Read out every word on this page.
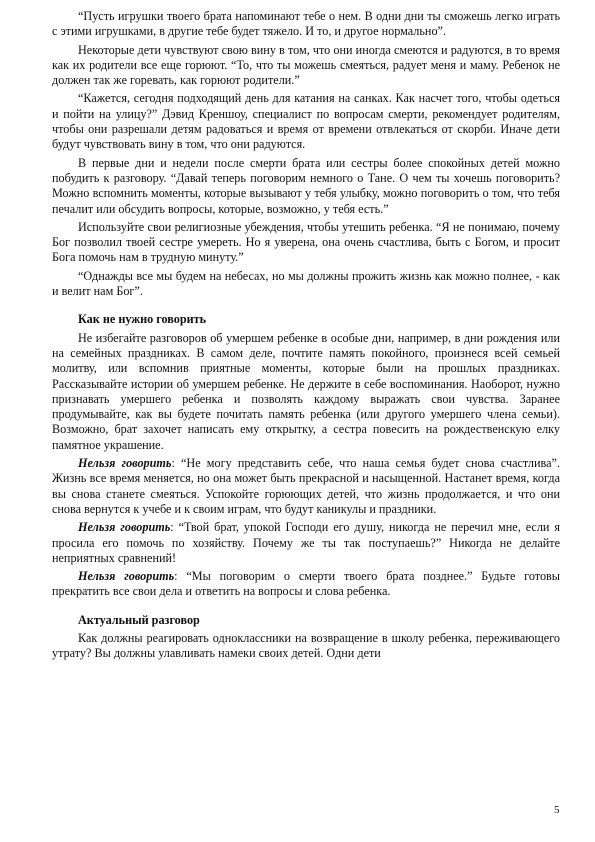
“Пусть игрушки твоего брата напоминают тебе о нем. В одни дни ты сможешь легко играть с этими игрушками, в другие тебе будет тяжело. И то, и другое нормально”.

Некоторые дети чувствуют свою вину в том, что они иногда смеются и радуются, в то время как их родители все еще горюют. “То, что ты можешь смеяться, радует меня и маму. Ребенок не должен так же горевать, как горюют родители.”

“Кажется, сегодня подходящий день для катания на санках. Как насчет того, чтобы одеться и пойти на улицу?” Дэвид Креншоу, специалист по вопросам смерти, рекомендует родителям, чтобы они разрешали детям радоваться и время от времени отвлекаться от скорби. Иначе дети будут чувствовать вину в том, что они радуются.

В первые дни и недели после смерти брата или сестры более спокойных детей можно побудить к разговору. “Давай теперь поговорим немного о Тане. О чем ты хочешь поговорить? Можно вспомнить моменты, которые вызывают у тебя улыбку, можно поговорить о том, что тебя печалит или обсудить вопросы, которые, возможно, у тебя есть.”

Используйте свои религиозные убеждения, чтобы утешить ребенка. “Я не понимаю, почему Бог позволил твоей сестре умереть. Но я уверена, она очень счастлива, быть с Богом, и просит Бога помочь нам в трудную минуту.”

“Однажды все мы будем на небесах, но мы должны прожить жизнь как можно полнее, - как и велит нам Бог”.

Как не нужно говорить

Не избегайте разговоров об умершем ребенке в особые дни, например, в дни рождения или на семейных праздниках. В самом деле, почтите память покойного, произнеся всей семьей молитву, или вспомнив приятные моменты, которые были на прошлых праздниках. Рассказывайте истории об умершем ребенке. Не держите в себе воспоминания. Наоборот, нужно признавать умершего ребенка и позволять каждому выражать свои чувства. Заранее продумывайте, как вы будете почитать память ребенка (или другого умершего члена семьи). Возможно, брат захочет написать ему открытку, а сестра повесить на рождественскую елку памятное украшение.

Нельзя говорить: “Не могу представить себе, что наша семья будет снова счастлива”. Жизнь все время меняется, но она может быть прекрасной и насыщенной. Настанет время, когда вы снова станете смеяться. Успокойте горюющих детей, что жизнь продолжается, и что они снова вернутся к учебе и к своим играм, что будут каникулы и праздники.

Нельзя говорить: “Твой брат, упокой Господи его душу, никогда не перечил мне, если я просила его помочь по хозяйству. Почему же ты так поступаешь?” Никогда не делайте неприятных сравнений!

Нельзя говорить: “Мы поговорим о смерти твоего брата позднее.” Будьте готовы прекратить все свои дела и ответить на вопросы и слова ребенка.

Актуальный разговор

Как должны реагировать одноклассники на возвращение в школу ребенка, переживающего утрату? Вы должны улавливать намеки своих детей. Одни дети

5
